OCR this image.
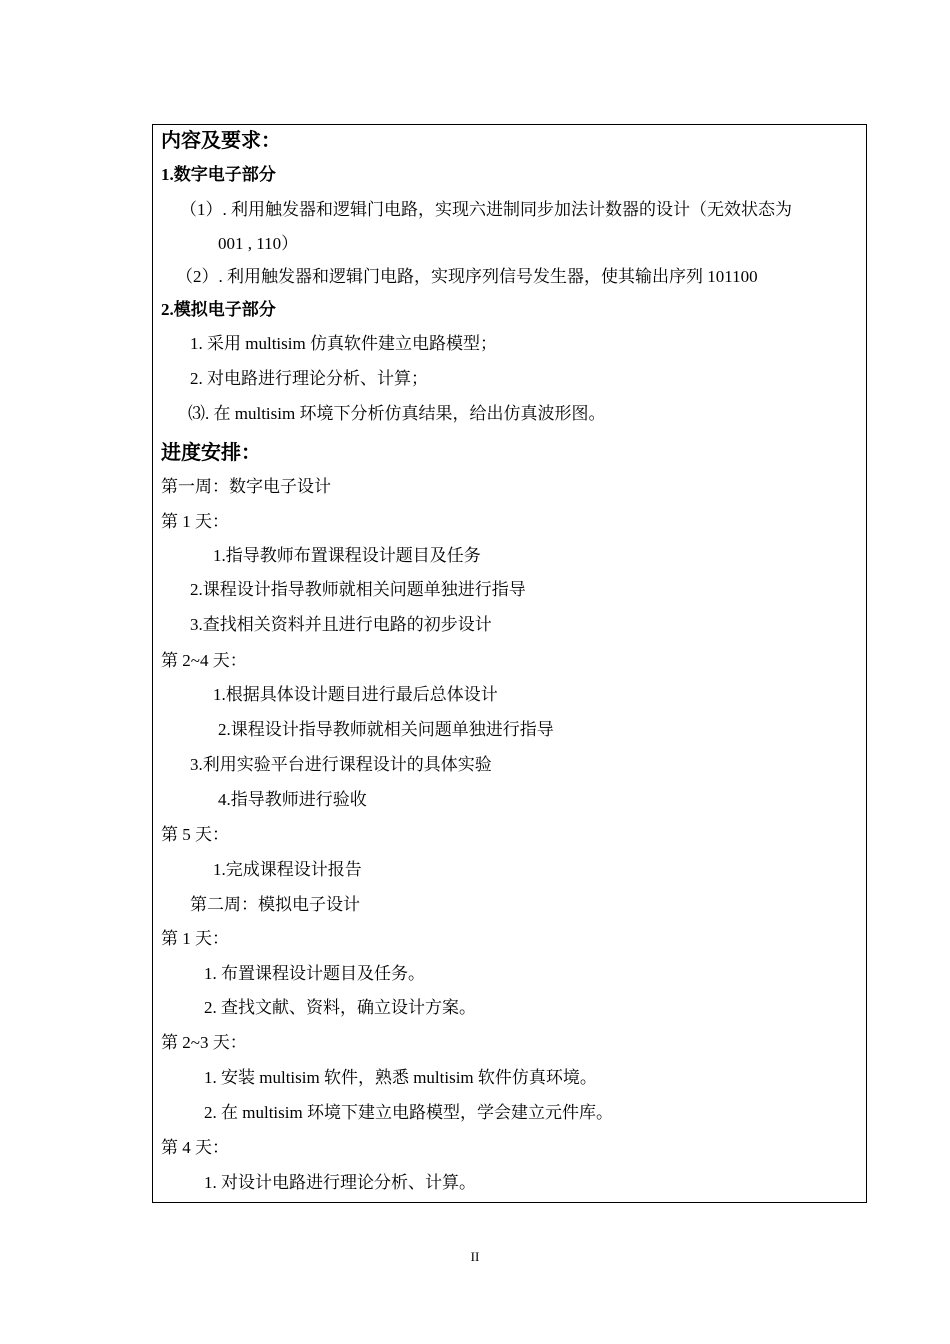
内容及要求：
1.数字电子部分
（1）. 利用触发器和逻辑门电路，实现六进制同步加法计数器的设计（无效状态为
001 , 110）
（2）. 利用触发器和逻辑门电路，实现序列信号发生器，使其输出序列 101100
2.模拟电子部分
1. 采用 multisim 仿真软件建立电路模型；
2. 对电路进行理论分析、计算；
⑶. 在 multisim 环境下分析仿真结果，给出仿真波形图。
进度安排：
第一周：数字电子设计
第 1 天：
1.指导教师布置课程设计题目及任务
2.课程设计指导教师就相关问题单独进行指导
3.查找相关资料并且进行电路的初步设计
第 2~4 天：
1.根据具体设计题目进行最后总体设计
2.课程设计指导教师就相关问题单独进行指导
3.利用实验平台进行课程设计的具体实验
4.指导教师进行验收
第 5 天：
1.完成课程设计报告
第二周：模拟电子设计
第 1 天：
1. 布置课程设计题目及任务。
2. 查找文献、资料，确立设计方案。
第 2~3 天：
1. 安装 multisim 软件，熟悉 multisim 软件仿真环境。
2. 在 multisim 环境下建立电路模型，学会建立元件库。
第 4 天：
1. 对设计电路进行理论分析、计算。
II
